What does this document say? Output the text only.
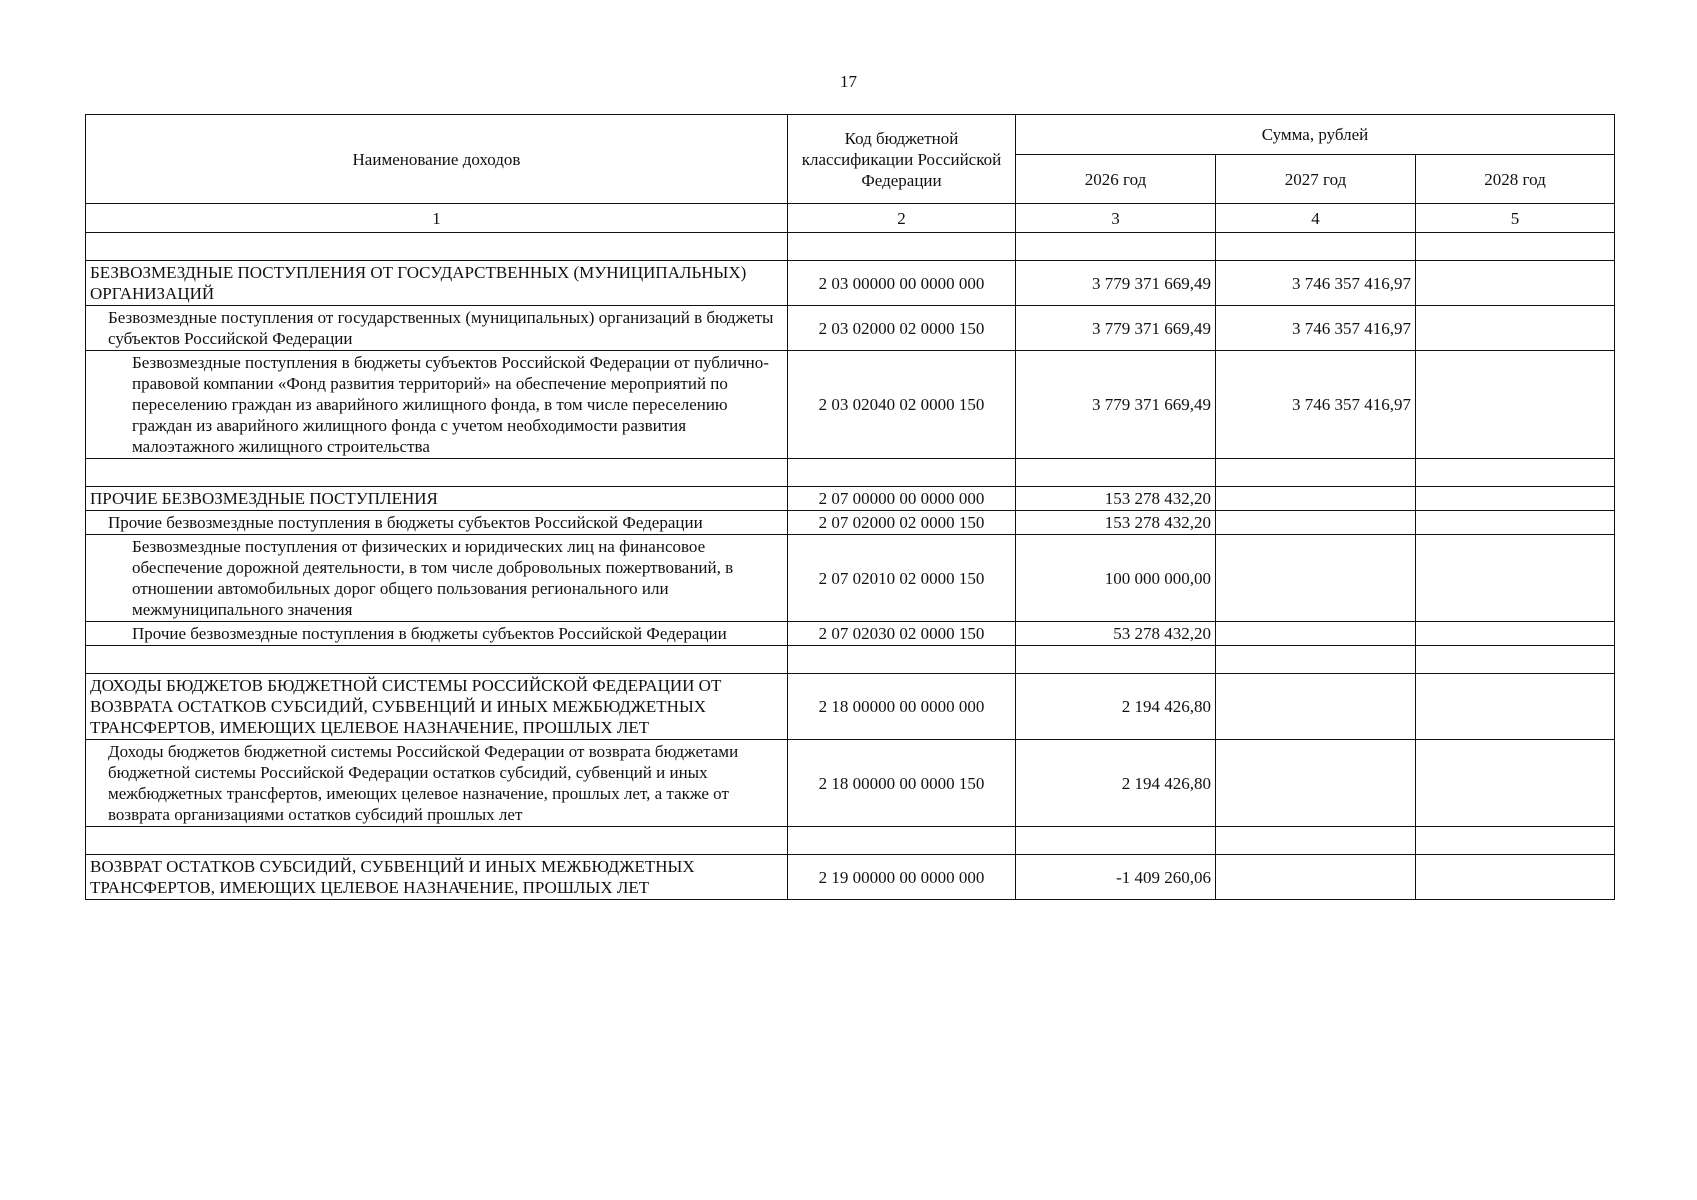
17
Наименование доходов	Код бюджетной классификации Российской Федерации	Сумма, рублей		
		2026 год	2027 год	2028 год
1	2	3	4	5

БЕЗВОЗМЕЗДНЫЕ ПОСТУПЛЕНИЯ ОТ ГОСУДАРСТВЕННЫХ (МУНИЦИПАЛЬНЫХ) ОРГАНИЗАЦИЙ	2 03 00000 00 0000 000	3 779 371 669,49	3 746 357 416,97	
Безвозмездные поступления от государственных (муниципальных) организаций в бюджеты субъектов Российской Федерации	2 03 02000 02 0000 150	3 779 371 669,49	3 746 357 416,97	
Безвозмездные поступления в бюджеты субъектов Российской Федерации от публично-правовой компании «Фонд развития территорий» на обеспечение мероприятий по переселению граждан из аварийного жилищного фонда, в том числе переселению граждан из аварийного жилищного фонда с учетом необходимости развития малоэтажного жилищного строительства	2 03 02040 02 0000 150	3 779 371 669,49	3 746 357 416,97	

ПРОЧИЕ БЕЗВОЗМЕЗДНЫЕ ПОСТУПЛЕНИЯ	2 07 00000 00 0000 000	153 278 432,20		
Прочие безвозмездные поступления в бюджеты субъектов Российской Федерации	2 07 02000 02 0000 150	153 278 432,20		
Безвозмездные поступления от физических и юридических лиц на финансовое обеспечение дорожной деятельности, в том числе добровольных пожертвований, в отношении автомобильных дорог общего пользования регионального или межмуниципального значения	2 07 02010 02 0000 150	100 000 000,00		
Прочие безвозмездные поступления в бюджеты субъектов Российской Федерации	2 07 02030 02 0000 150	53 278 432,20		

ДОХОДЫ БЮДЖЕТОВ БЮДЖЕТНОЙ СИСТЕМЫ РОССИЙСКОЙ ФЕДЕРАЦИИ ОТ ВОЗВРАТА ОСТАТКОВ СУБСИДИЙ, СУБВЕНЦИЙ И ИНЫХ МЕЖБЮДЖЕТНЫХ ТРАНСФЕРТОВ, ИМЕЮЩИХ ЦЕЛЕВОЕ НАЗНАЧЕНИЕ, ПРОШЛЫХ ЛЕТ	2 18 00000 00 0000 000	2 194 426,80		
Доходы бюджетов бюджетной системы Российской Федерации от возврата бюджетами бюджетной системы Российской Федерации остатков субсидий, субвенций и иных межбюджетных трансфертов, имеющих целевое назначение, прошлых лет, а также от возврата организациями остатков субсидий прошлых лет	2 18 00000 00 0000 150	2 194 426,80		

ВОЗВРАТ ОСТАТКОВ СУБСИДИЙ, СУБВЕНЦИЙ И ИНЫХ МЕЖБЮДЖЕТНЫХ ТРАНСФЕРТОВ, ИМЕЮЩИХ ЦЕЛЕВОЕ НАЗНАЧЕНИЕ, ПРОШЛЫХ ЛЕТ	2 19 00000 00 0000 000	-1 409 260,06		
